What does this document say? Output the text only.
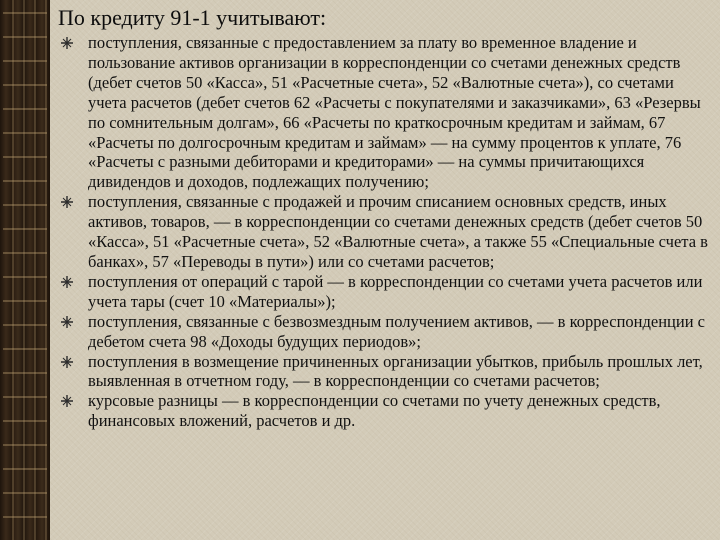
По кредиту 91-1 учитывают:
поступления, связанные с предоставлением за плату во временное владение и пользование активов организации в корреспонденции со счетами денежных средств (дебет счетов 50 «Касса», 51 «Расчетные счета», 52 «Валютные счета»), со счетами учета расчетов (дебет счетов 62 «Расчеты с покупателями и заказчиками», 63 «Резервы по сомнительным долгам», 66 «Расчеты по краткосрочным кредитам и займам, 67 «Расчеты по долгосрочным кредитам и займам» — на сумму процентов к уплате, 76 «Расчеты с разными дебиторами и кредиторами» — на суммы причитающихся дивидендов и доходов, подлежащих получению;
поступления, связанные с продажей и прочим списанием основных средств, иных активов, товаров, — в корреспонденции со счетами денежных средств (дебет счетов 50 «Касса», 51 «Расчетные счета», 52 «Валютные счета», а также 55 «Специальные счета в банках», 57 «Переводы в пути») или со счетами расчетов;
поступления от операций с тарой — в корреспонденции со счетами учета расчетов или учета тары (счет 10 «Материалы»);
поступления, связанные с безвозмездным получением активов, — в корреспонденции с дебетом счета 98 «Доходы будущих периодов»;
поступления в возмещение причиненных организации убытков, прибыль прошлых лет, выявленная в отчетном году, — в корреспонденции со счетами расчетов;
курсовые разницы — в корреспонденции со счетами по учету денежных средств, финансовых вложений, расчетов и др.
